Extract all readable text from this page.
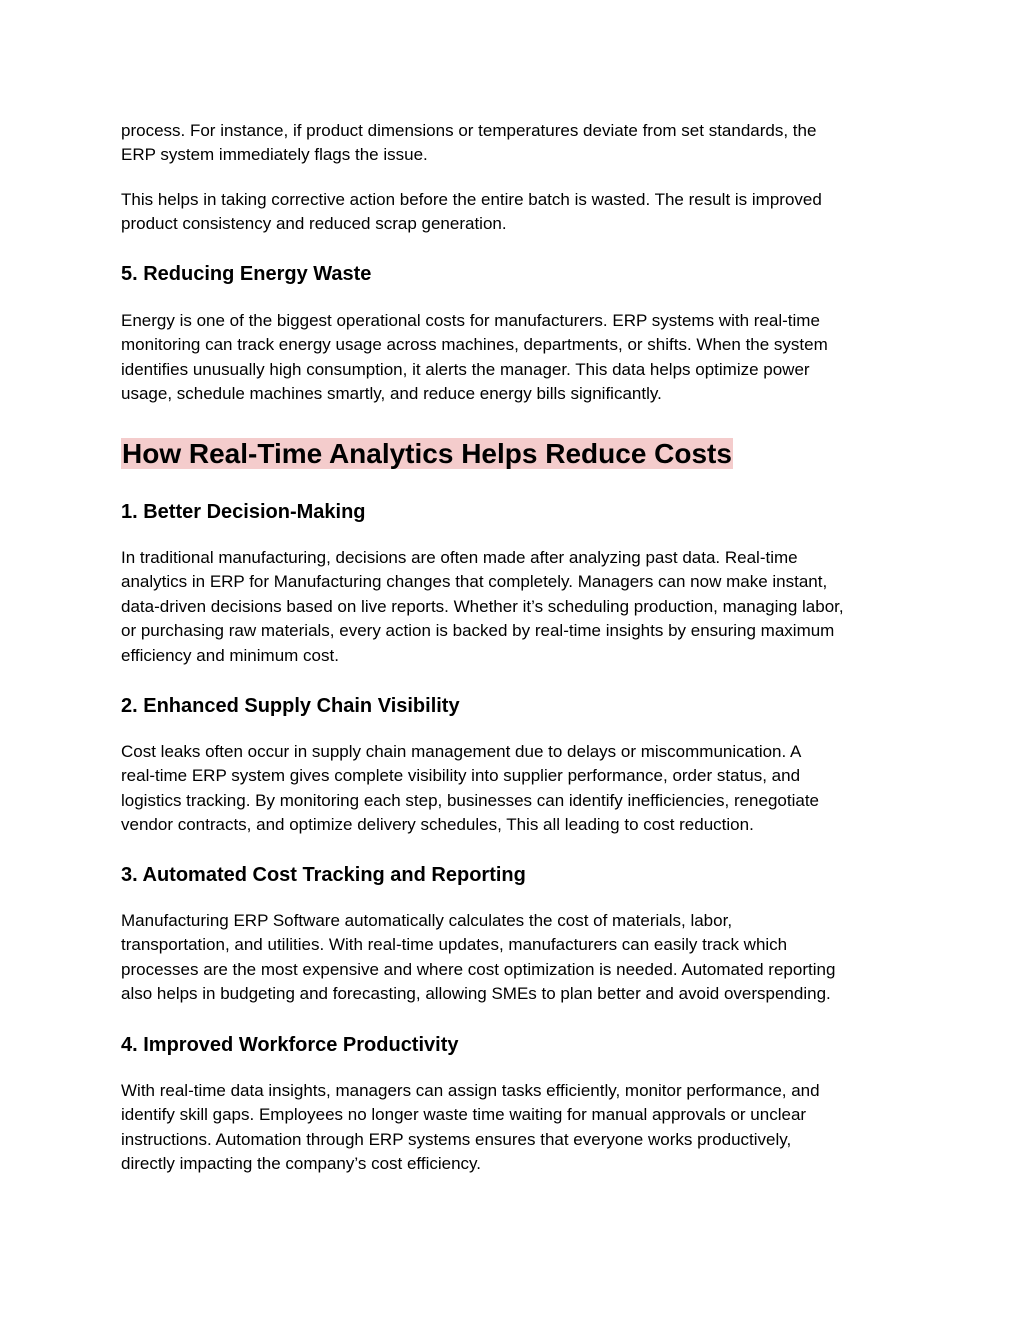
process. For instance, if product dimensions or temperatures deviate from set standards, the
ERP system immediately flags the issue.
This helps in taking corrective action before the entire batch is wasted. The result is improved
product consistency and reduced scrap generation.
5. Reducing Energy Waste
Energy is one of the biggest operational costs for manufacturers. ERP systems with real-time
monitoring can track energy usage across machines, departments, or shifts. When the system
identifies unusually high consumption, it alerts the manager. This data helps optimize power
usage, schedule machines smartly, and reduce energy bills significantly.
How Real-Time Analytics Helps Reduce Costs
1. Better Decision-Making
In traditional manufacturing, decisions are often made after analyzing past data. Real-time
analytics in ERP for Manufacturing changes that completely. Managers can now make instant,
data-driven decisions based on live reports. Whether it’s scheduling production, managing labor,
or purchasing raw materials, every action is backed by real-time insights by ensuring maximum
efficiency and minimum cost.
2. Enhanced Supply Chain Visibility
Cost leaks often occur in supply chain management due to delays or miscommunication. A
real-time ERP system gives complete visibility into supplier performance, order status, and
logistics tracking. By monitoring each step, businesses can identify inefficiencies, renegotiate
vendor contracts, and optimize delivery schedules, This all leading to cost reduction.
3. Automated Cost Tracking and Reporting
Manufacturing ERP Software automatically calculates the cost of materials, labor,
transportation, and utilities. With real-time updates, manufacturers can easily track which
processes are the most expensive and where cost optimization is needed. Automated reporting
also helps in budgeting and forecasting, allowing SMEs to plan better and avoid overspending.
4. Improved Workforce Productivity
With real-time data insights, managers can assign tasks efficiently, monitor performance, and
identify skill gaps. Employees no longer waste time waiting for manual approvals or unclear
instructions. Automation through ERP systems ensures that everyone works productively,
directly impacting the company’s cost efficiency.
